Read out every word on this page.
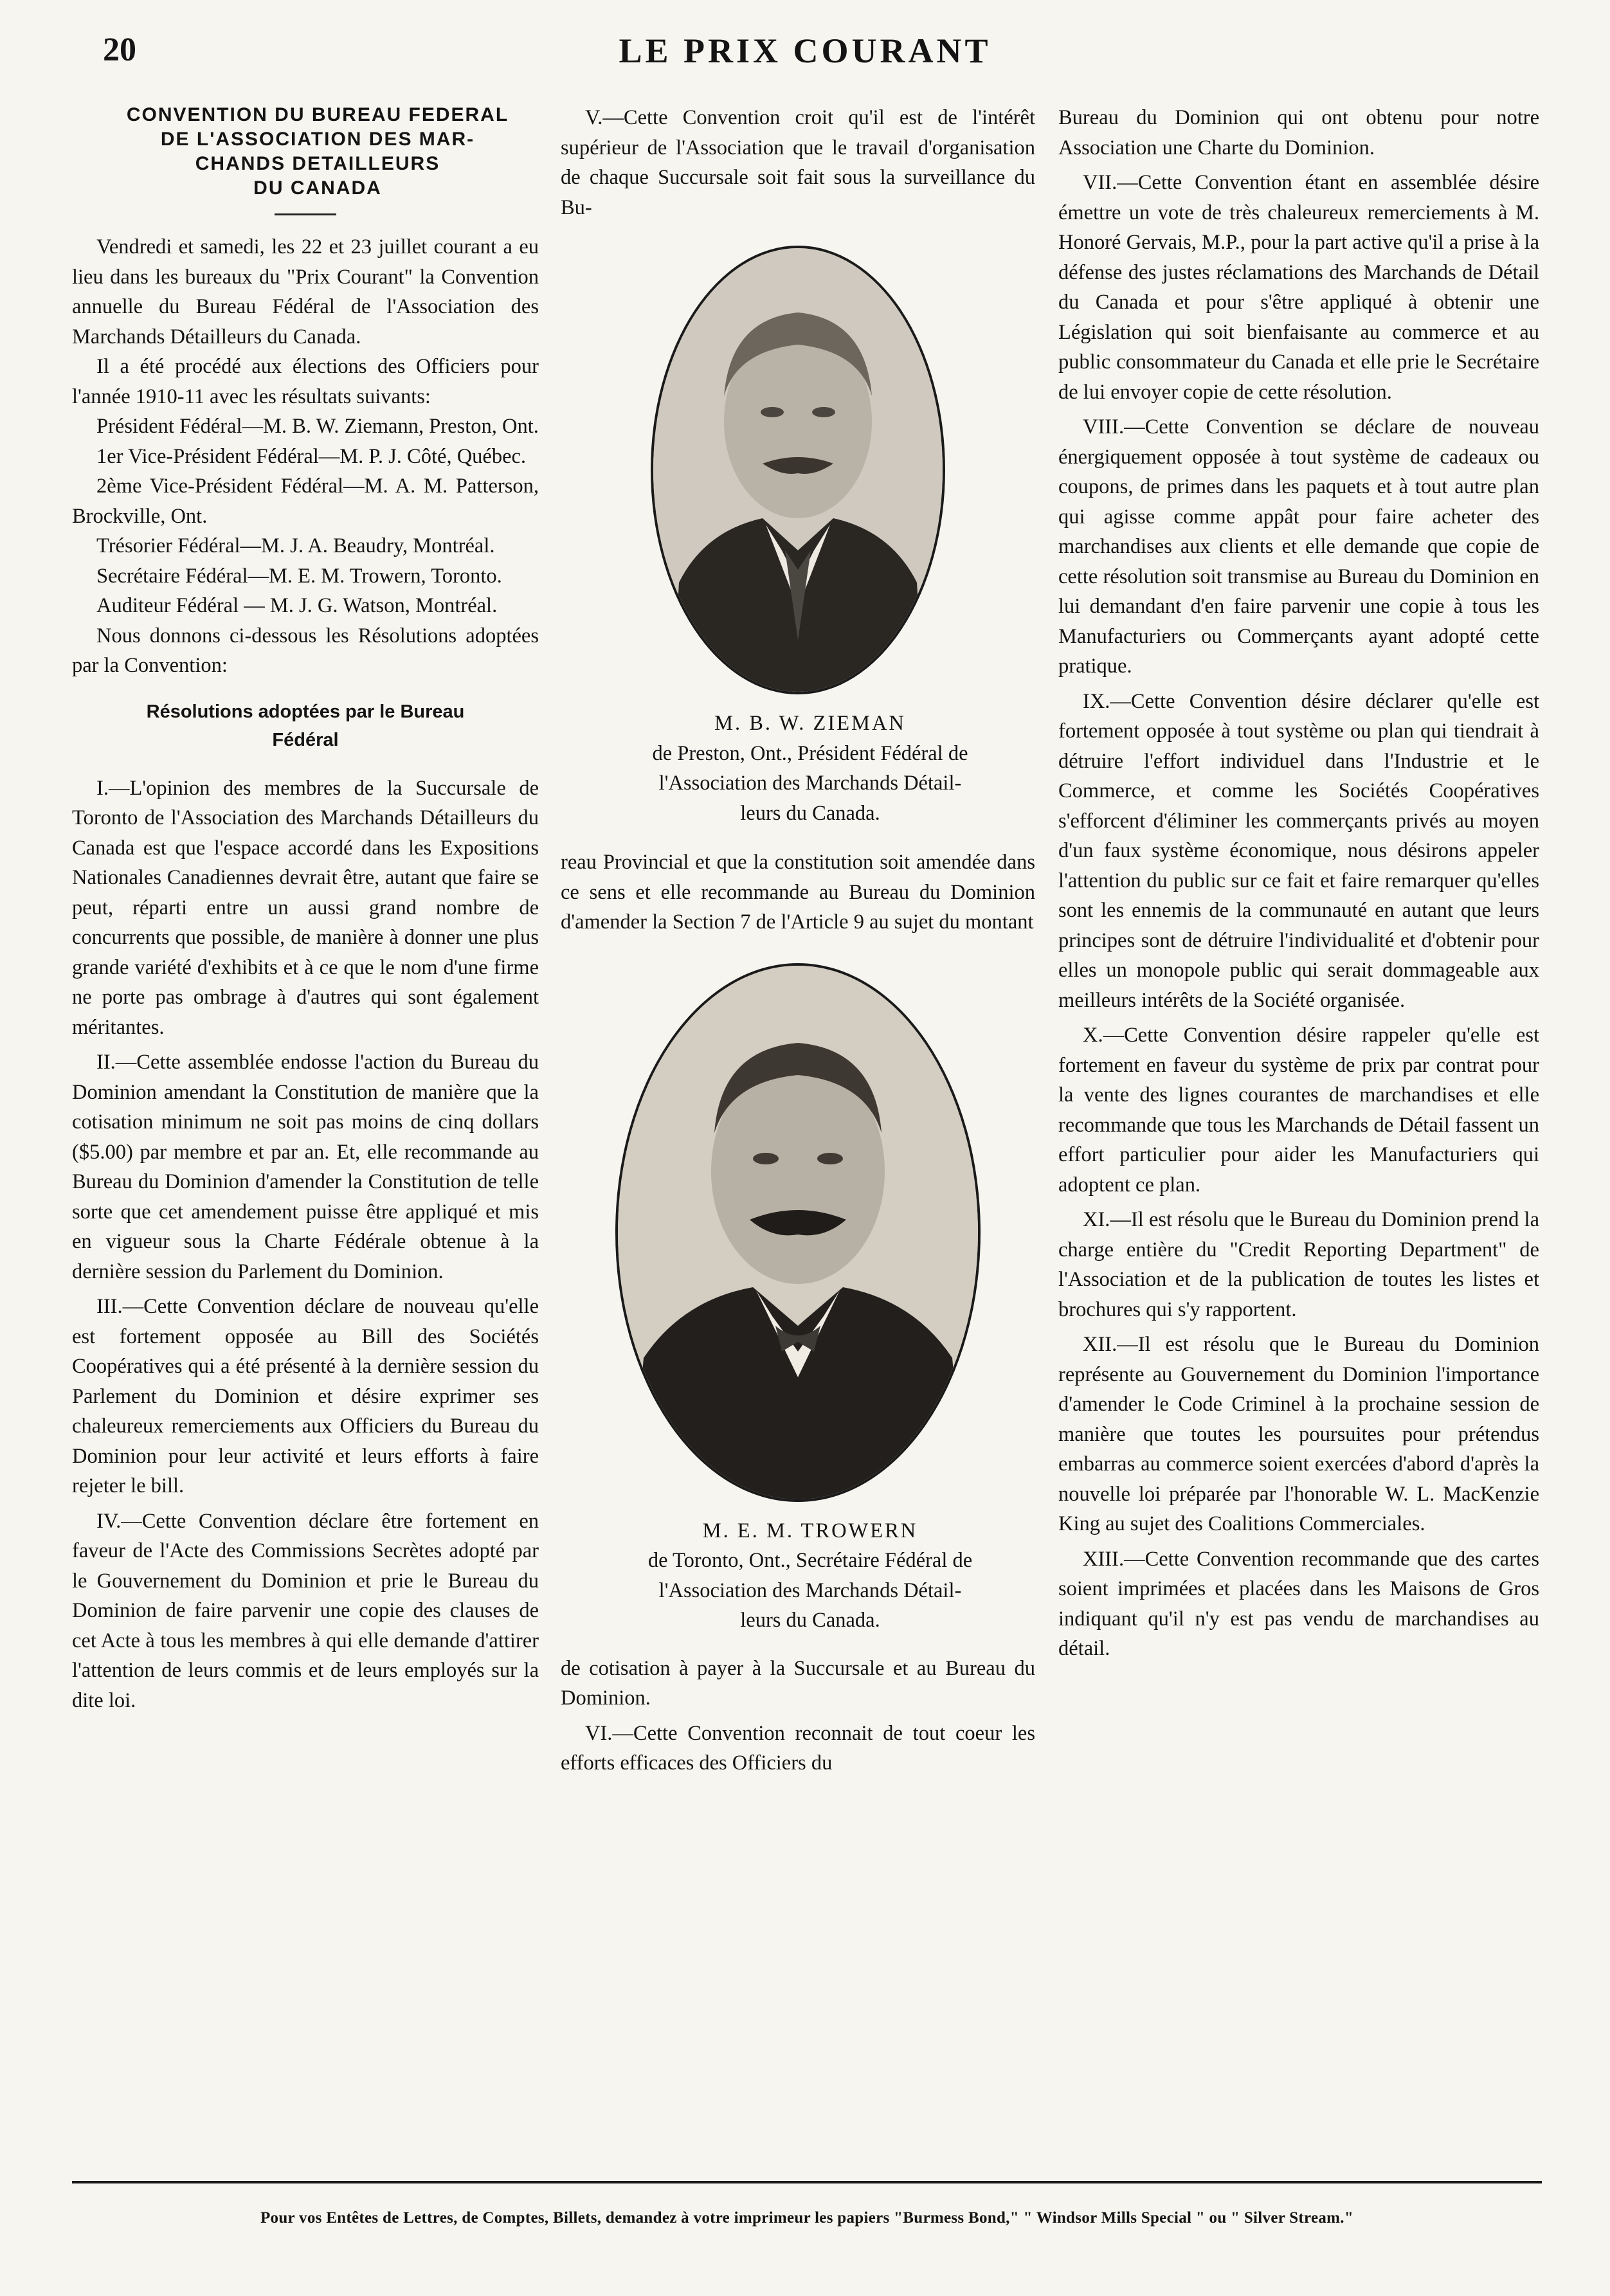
20	LE PRIX COURANT

CONVENTION DU BUREAU FEDERAL

DE L'ASSOCIATION DES MAR-

CHANDS DETAILLEURS

DU CANADA

Vendredi et samedi, les 22 et 23 juillet courant a eu lieu dans les bureaux du "Prix Courant" la Convention annuelle du Bureau Fédéral de l'Association des Marchands Détailleurs du Canada.

Il a été procédé aux élections des Officiers pour l'année 1910-11 avec les résultats suivants:

Président Fédéral—M. B. W. Ziemann, Preston, Ont.

1er Vice-Président Fédéral—M. P. J. Côté, Québec.

2ème Vice-Président Fédéral—M. A. M. Patterson, Brockville, Ont.

Trésorier Fédéral—M. J. A. Beaudry, Montréal.

Secrétaire Fédéral—M. E. M. Trowern, Toronto.

Auditeur Fédéral — M. J. G. Watson, Montréal.

Nous donnons ci-dessous les Résolutions adoptées par la Convention:

Résolutions adoptées par le Bureau
Fédéral

I.—L'opinion des membres de la Succursale de Toronto de l'Association des Marchands Détailleurs du Canada est que l'espace accordé dans les Expositions Nationales Canadiennes devrait être, autant que faire se peut, réparti entre un aussi grand nombre de concurrents que possible, de manière à donner une plus grande variété d'exhibits et à ce que le nom d'une firme ne porte pas ombrage à d'autres qui sont également méritantes.

II.—Cette assemblée endosse l'action du Bureau du Dominion amendant la Constitution de manière que la cotisation minimum ne soit pas moins de cinq dollars ($5.00) par membre et par an. Et, elle recommande au Bureau du Dominion d'amender la Constitution de telle sorte que cet amendement puisse être appliqué et mis en vigueur sous la Charte Fédérale obtenue à la dernière session du Parlement du Dominion.

III.—Cette Convention déclare de nouveau qu'elle est fortement opposée au Bill des Sociétés Coopératives qui a été présenté à la dernière session du Parlement du Dominion et désire exprimer ses chaleureux remerciements aux Officiers du Bureau du Dominion pour leur activité et leurs efforts à faire rejeter le bill.

IV.—Cette Convention déclare être fortement en faveur de l'Acte des Commissions Secrètes adopté par le Gouvernement du Dominion et prie le Bureau du Dominion de faire parvenir une copie des clauses de cet Acte à tous les membres à qui elle demande d'attirer l'attention de leurs commis et de leurs employés sur la dite loi.

V.—Cette Convention croit qu'il est de l'intérêt supérieur de l'Association que le travail d'organisation de chaque Succursale soit fait sous la surveillance du Bu-

M. B. W. ZIEMAN

de Preston, Ont., Président Fédéral de

l'Association des Marchands Détail-

leurs du Canada.

reau Provincial et que la constitution soit amendée dans ce sens et elle recommande au Bureau du Dominion d'amender la Section 7 de l'Article 9 au sujet du montant

M. E. M. TROWERN

de Toronto, Ont., Secrétaire Fédéral de

l'Association des Marchands Détail-

leurs du Canada.

de cotisation à payer à la Succursale et au Bureau du Dominion.

VI.—Cette Convention reconnait de tout coeur les efforts efficaces des Officiers du

Bureau du Dominion qui ont obtenu pour notre Association une Charte du Dominion.

VII.—Cette Convention étant en assemblée désire émettre un vote de très chaleureux remerciements à M. Honoré Gervais, M.P., pour la part active qu'il a prise à la défense des justes réclamations des Marchands de Détail du Canada et pour s'être appliqué à obtenir une Législation qui soit bienfaisante au commerce et au public consommateur du Canada et elle prie le Secrétaire de lui envoyer copie de cette résolution.

VIII.—Cette Convention se déclare de nouveau énergiquement opposée à tout système de cadeaux ou coupons, de primes dans les paquets et à tout autre plan qui agisse comme appât pour faire acheter des marchandises aux clients et elle demande que copie de cette résolution soit transmise au Bureau du Dominion en lui demandant d'en faire parvenir une copie à tous les Manufacturiers ou Commerçants ayant adopté cette pratique.

IX.—Cette Convention désire déclarer qu'elle est fortement opposée à tout système ou plan qui tiendrait à détruire l'effort individuel dans l'Industrie et le Commerce, et comme les Sociétés Coopératives s'efforcent d'éliminer les commerçants privés au moyen d'un faux système économique, nous désirons appeler l'attention du public sur ce fait et faire remarquer qu'elles sont les ennemis de la communauté en autant que leurs principes sont de détruire l'individualité et d'obtenir pour elles un monopole public qui serait dommageable aux meilleurs intérêts de la Société organisée.

X.—Cette Convention désire rappeler qu'elle est fortement en faveur du système de prix par contrat pour la vente des lignes courantes de marchandises et elle recommande que tous les Marchands de Détail fassent un effort particulier pour aider les Manufacturiers qui adoptent ce plan.

XI.—Il est résolu que le Bureau du Dominion prend la charge entière du "Credit Reporting Department" de l'Association et de la publication de toutes les listes et brochures qui s'y rapportent.

XII.—Il est résolu que le Bureau du Dominion représente au Gouvernement du Dominion l'importance d'amender le Code Criminel à la prochaine session de manière que toutes les poursuites pour prétendus embarras au commerce soient exercées d'abord d'après la nouvelle loi préparée par l'honorable W. L. MacKenzie King au sujet des Coalitions Commerciales.

XIII.—Cette Convention recommande que des cartes soient imprimées et placées dans les Maisons de Gros indiquant qu'il n'y est pas vendu de marchandises au détail.

Pour vos Entêtes de Lettres, de Comptes, Billets, demandez à votre imprimeur les papiers "Burmess Bond," " Windsor Mills Special " ou " Silver Stream."
